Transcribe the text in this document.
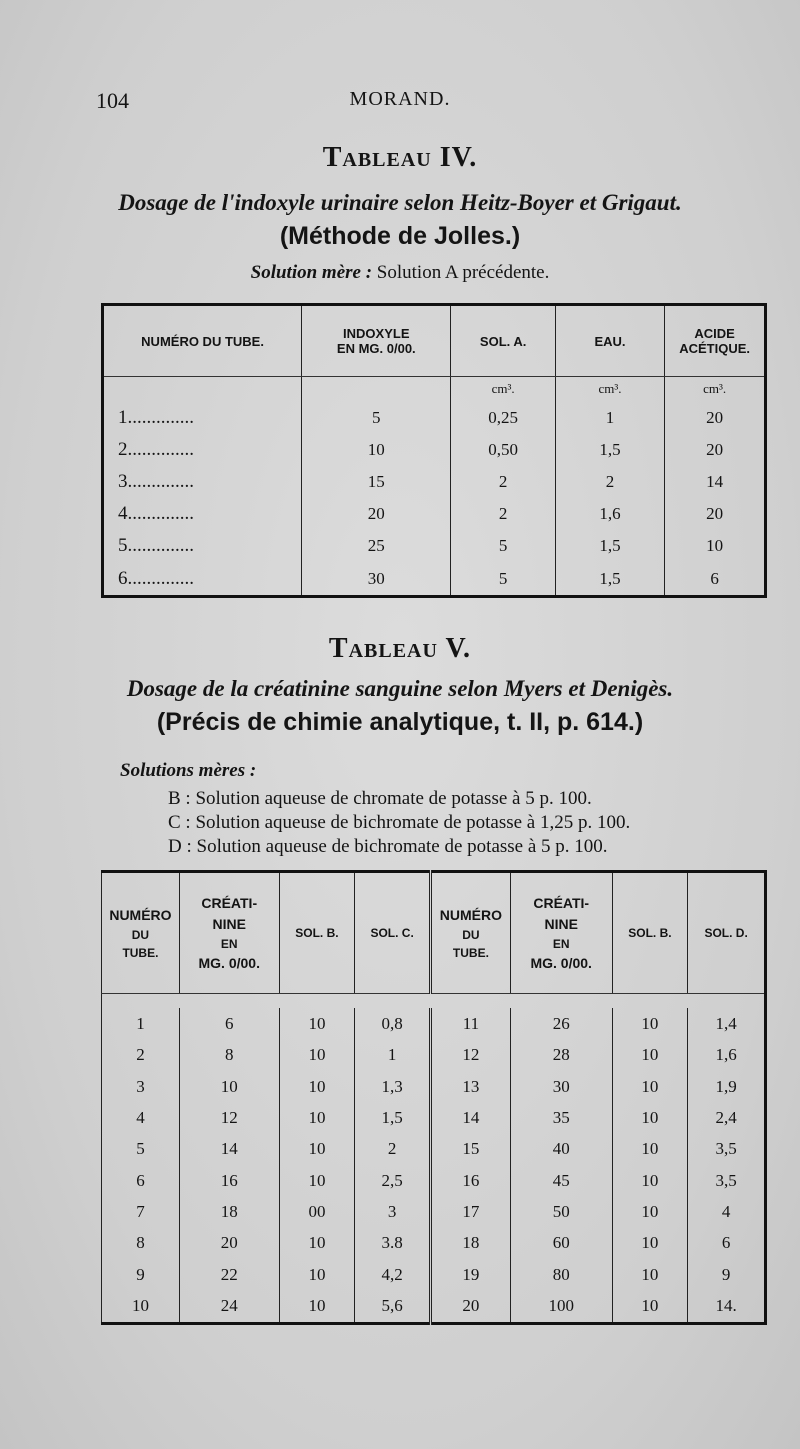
104	MORAND.
Tableau IV.
Dosage de l'indoxyle urinaire selon Heitz-Boyer et Grigaut.
(Méthode de Jolles.)
Solution mère : Solution A précédente.
NUMÉRO DU TUBE.	INDOXYLE
EN MG. 0/00.	SOL. A.	EAU.	ACIDE
ACÉTIQUE.
		cm³.	cm³.	cm³.
1..............	5	0,25	1	20
2..............	10	0,50	1,5	20
3..............	15	2	2	14
4..............	20	2	1,6	20
5..............	25	5	1,5	10
6..............	30	5	1,5	6
Tableau V.
Dosage de la créatinine sanguine selon Myers et Denigès.
(Précis de chimie analytique, t. II, p. 614.)
Solutions mères :
B : Solution aqueuse de chromate de potasse à 5 p. 100.
C : Solution aqueuse de bichromate de potasse à 1,25 p. 100.
D : Solution aqueuse de bichromate de potasse à 5 p. 100.
NUMÉRO
DU
TUBE.	CRÉATI-
NINE
EN
MG. 0/00.	SOL. B.	SOL. C.	NUMÉRO
DU
TUBE.	CRÉATI-
NINE
EN
MG. 0/00.	SOL. B.	SOL. D.

1	6	10	0,8	11	26	10	1,4
2	8	10	1	12	28	10	1,6
3	10	10	1,3	13	30	10	1,9
4	12	10	1,5	14	35	10	2,4
5	14	10	2	15	40	10	3,5
6	16	10	2,5	16	45	10	3,5
7	18	00	3	17	50	10	4
8	20	10	3.8	18	60	10	6
9	22	10	4,2	19	80	10	9
10	24	10	5,6	20	100	10	14.
